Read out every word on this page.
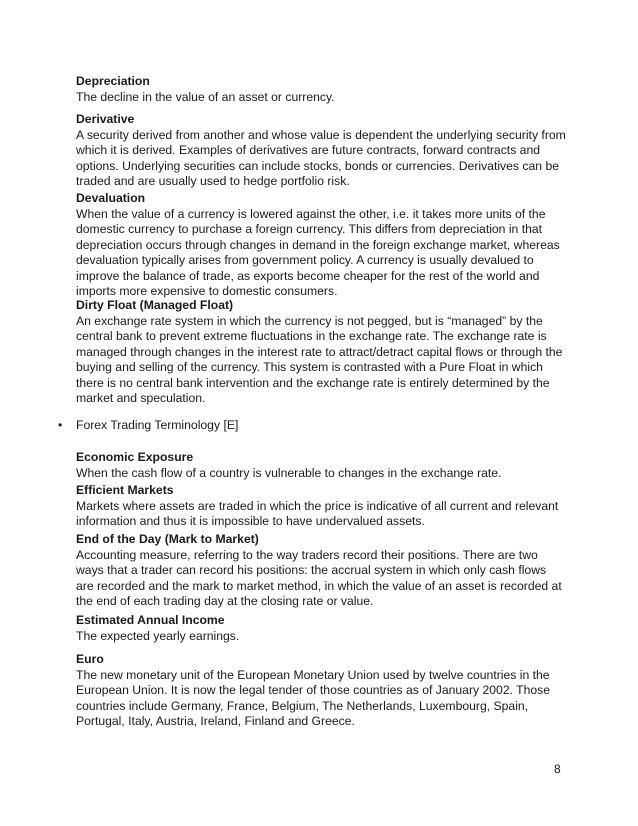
Depreciation
The decline in the value of an asset or currency.
Derivative
A security derived from another and whose value is dependent the underlying security from which it is derived. Examples of derivatives are future contracts, forward contracts and options. Underlying securities can include stocks, bonds or currencies. Derivatives can be traded and are usually used to hedge portfolio risk.
Devaluation
When the value of a currency is lowered against the other, i.e. it takes more units of the domestic currency to purchase a foreign currency. This differs from depreciation in that depreciation occurs through changes in demand in the foreign exchange market, whereas devaluation typically arises from government policy. A currency is usually devalued to improve the balance of trade, as exports become cheaper for the rest of the world and imports more expensive to domestic consumers.
Dirty Float (Managed Float)
An exchange rate system in which the currency is not pegged, but is “managed” by the central bank to prevent extreme fluctuations in the exchange rate. The exchange rate is managed through changes in the interest rate to attract/detract capital flows or through the buying and selling of the currency. This system is contrasted with a Pure Float in which there is no central bank intervention and the exchange rate is entirely determined by the market and speculation.
• Forex Trading Terminology [E]
Economic Exposure
When the cash flow of a country is vulnerable to changes in the exchange rate.
Efficient Markets
Markets where assets are traded in which the price is indicative of all current and relevant information and thus it is impossible to have undervalued assets.
End of the Day (Mark to Market)
Accounting measure, referring to the way traders record their positions. There are two ways that a trader can record his positions: the accrual system in which only cash flows are recorded and the mark to market method, in which the value of an asset is recorded at the end of each trading day at the closing rate or value.
Estimated Annual Income
The expected yearly earnings.
Euro
The new monetary unit of the European Monetary Union used by twelve countries in the European Union. It is now the legal tender of those countries as of January 2002. Those countries include Germany, France, Belgium, The Netherlands, Luxembourg, Spain, Portugal, Italy, Austria, Ireland, Finland and Greece.
8
